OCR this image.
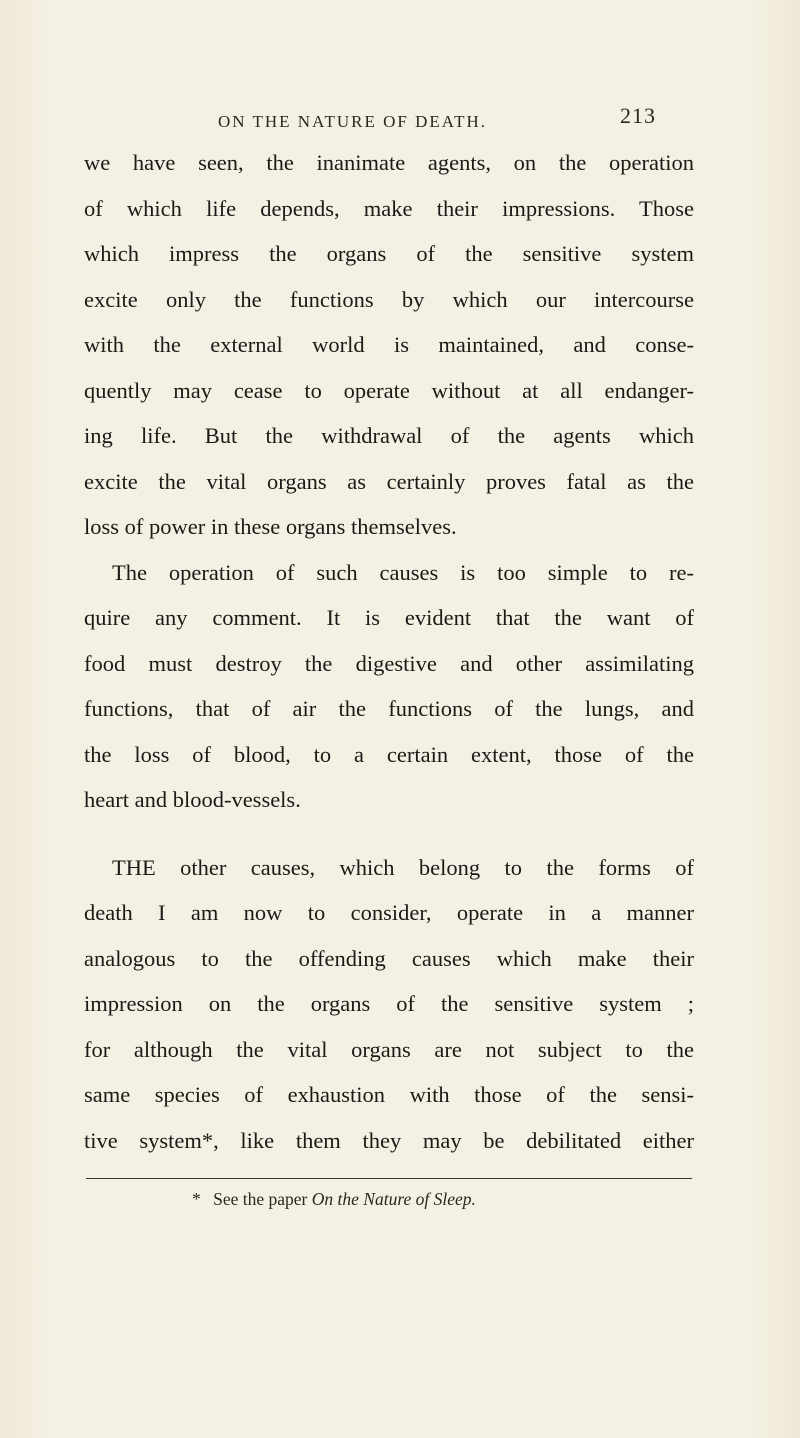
ON THE NATURE OF DEATH.	213
we have seen, the inanimate agents, on the operation
of which life depends, make their impressions. Those
which impress the organs of the sensitive system
excite only the functions by which our intercourse
with the external world is maintained, and conse-
quently may cease to operate without at all endanger-
ing life. But the withdrawal of the agents which
excite the vital organs as certainly proves fatal as the
loss of power in these organs themselves.
The operation of such causes is too simple to re-
quire any comment. It is evident that the want of
food must destroy the digestive and other assimilating
functions, that of air the functions of the lungs, and
the loss of blood, to a certain extent, those of the
heart and blood-vessels.
THE other causes, which belong to the forms of
death I am now to consider, operate in a manner
analogous to the offending causes which make their
impression on the organs of the sensitive system ;
for although the vital organs are not subject to the
same species of exhaustion with those of the sensi-
tive system*, like them they may be debilitated either
* See the paper On the Nature of Sleep.
